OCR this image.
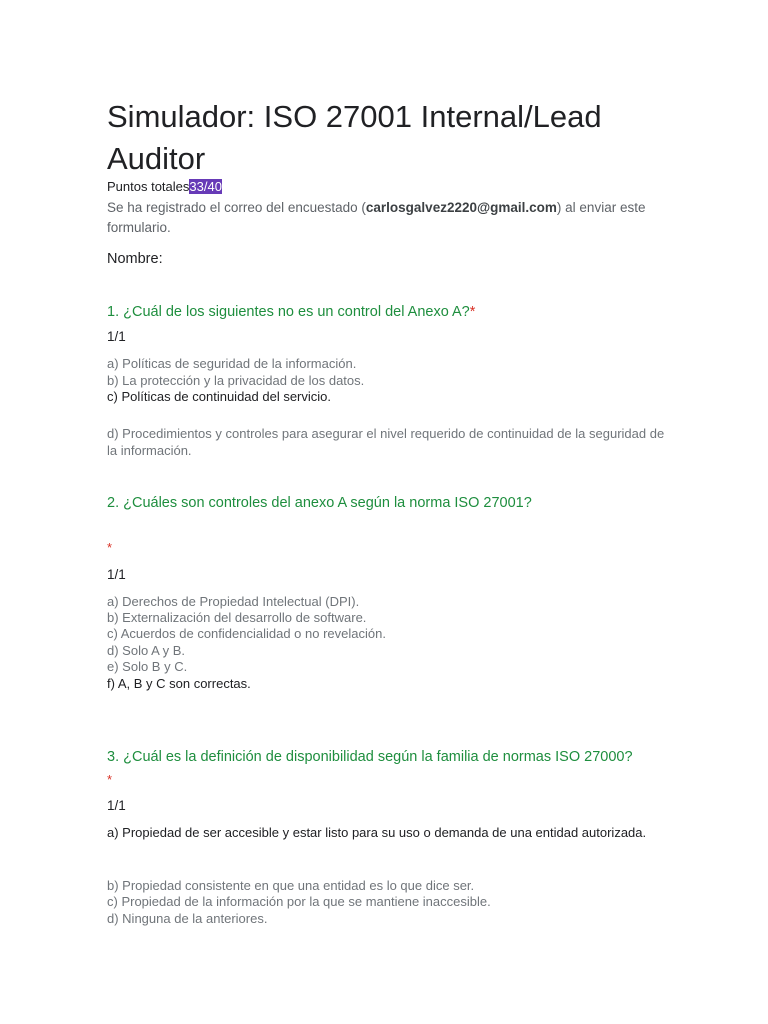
Simulador: ISO 27001 Internal/Lead Auditor
Puntos totales33/40
Se ha registrado el correo del encuestado (carlosgalvez2220@gmail.com) al enviar este formulario.
Nombre:
1. ¿Cuál de los siguientes no es un control del Anexo A?*
1/1
a) Políticas de seguridad de la información.
b) La protección y la privacidad de los datos.
c) Políticas de continuidad del servicio.
d) Procedimientos y controles para asegurar el nivel requerido de continuidad de la seguridad de la información.
2. ¿Cuáles son controles del anexo A según la norma ISO 27001?
*
1/1
a) Derechos de Propiedad Intelectual (DPI).
b) Externalización del desarrollo de software.
c) Acuerdos de confidencialidad o no revelación.
d) Solo A y B.
e) Solo B y C.
f) A, B y C son correctas.
3. ¿Cuál es la definición de disponibilidad según la familia de normas ISO 27000?
*
1/1
a) Propiedad de ser accesible y estar listo para su uso o demanda de una entidad autorizada.
b) Propiedad consistente en que una entidad es lo que dice ser.
c) Propiedad de la información por la que se mantiene inaccesible.
d) Ninguna de la anteriores.
